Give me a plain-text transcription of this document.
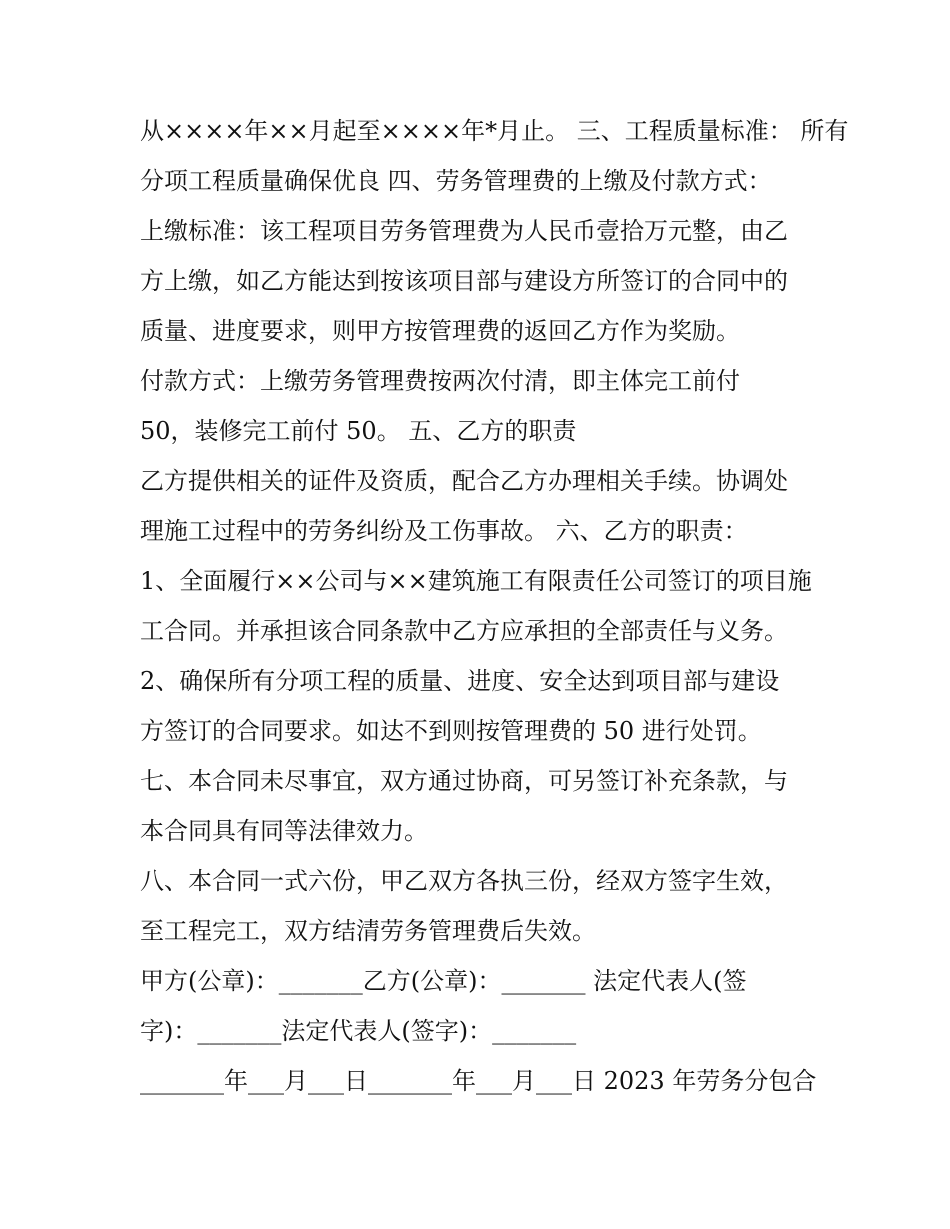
从××××年××月起至××××年*月止。 三、工程质量标准： 所有
分项工程质量确保优良 四、劳务管理费的上缴及付款方式：
上缴标准：该工程项目劳务管理费为人民币壹拾万元整，由乙
方上缴，如乙方能达到按该项目部与建设方所签订的合同中的
质量、进度要求，则甲方按管理费的返回乙方作为奖励。
付款方式：上缴劳务管理费按两次付清，即主体完工前付
50，装修完工前付 50。 五、乙方的职责
乙方提供相关的证件及资质，配合乙方办理相关手续。协调处
理施工过程中的劳务纠纷及工伤事故。 六、乙方的职责：
1、全面履行××公司与××建筑施工有限责任公司签订的项目施
工合同。并承担该合同条款中乙方应承担的全部责任与义务。
2、确保所有分项工程的质量、进度、安全达到项目部与建设
方签订的合同要求。如达不到则按管理费的 50 进行处罚。
七、本合同未尽事宜，双方通过协商，可另签订补充条款，与
本合同具有同等法律效力。
八、本合同一式六份，甲乙双方各执三份，经双方签字生效，
至工程完工，双方结清劳务管理费后失效。
甲方(公章)：_______乙方(公章)：_______ 法定代表人(签
字)：_______法定代表人(签字)：_______
_______年___月___日_______年___月___日 2023 年劳务分包合
